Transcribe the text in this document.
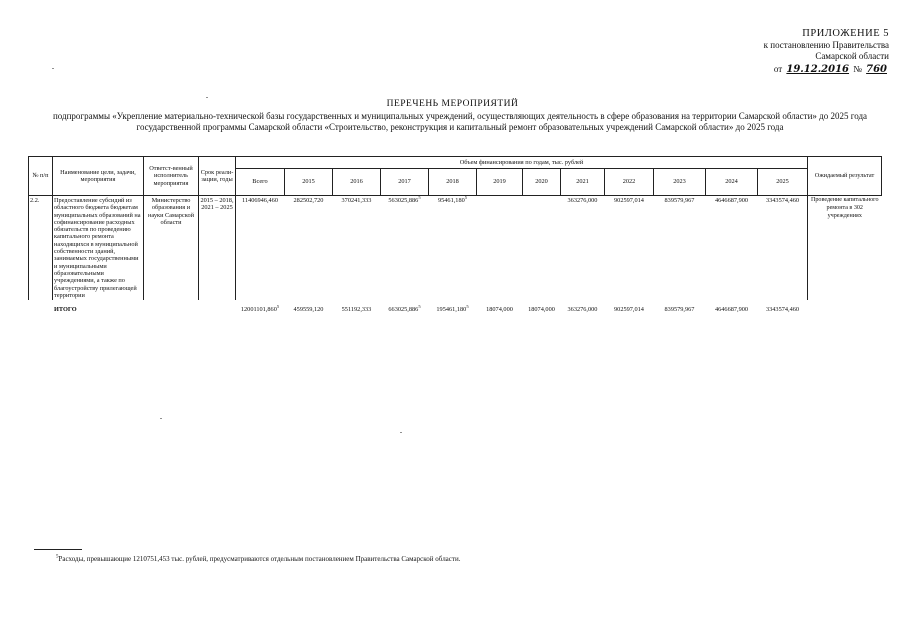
ПРИЛОЖЕНИЕ 5
к постановлению Правительства
Самарской области
от 19.12.2016 № 760
ПЕРЕЧЕНЬ МЕРОПРИЯТИЙ
подпрограммы «Укрепление материально-технической базы государственных и муниципальных учреждений, осуществляющих деятельность в сфере образования на территории Самарской области» до 2025 года государственной программы Самарской области «Строительство, реконструкция и капитальный ремонт образовательных учреждений Самарской области» до 2025 года
№ п/п	Наименование цели, задачи, мероприятия	Ответст-венный исполнитель мероприятия	Срок реали-зации, годы	Объем финансирования по годам, тыс. рублей												Ожидаемый результат
				Всего	2015	2016	2017	2018	2019	2020	2021	2022	2023	2024	2025	
2.2.	Предоставление субсидий из областного бюджета бюджетам муниципальных образований на софинансирование расходных обязательств по проведению капитального ремонта находящихся в муниципальной собственности зданий, занимаемых государственными и муниципальными образовательными учреждениями, а также по благоустройству прилегающей территории	Министерство образования и науки Самарской области	2015 – 2018, 2021 – 2025	11406946,460	282502,720	370241,333	563025,886$^5$	95461,180$^5$			363276,000	902597,014	839579,967	4646687,900	3343574,460	Проведение капитального ремонта в 302 учреждениях
	ИТОГО			12001101,860$^5$	459559,120	551192,333	663025,886$^5$	195461,180$^5$	18074,000	18074,000	363276,000	902597,014	839579,967	4646687,900	3343574,460	
$^5$Расходы, превышающие 1210751,453 тыс. рублей, предусматриваются отдельным постановлением Правительства Самарской области.
